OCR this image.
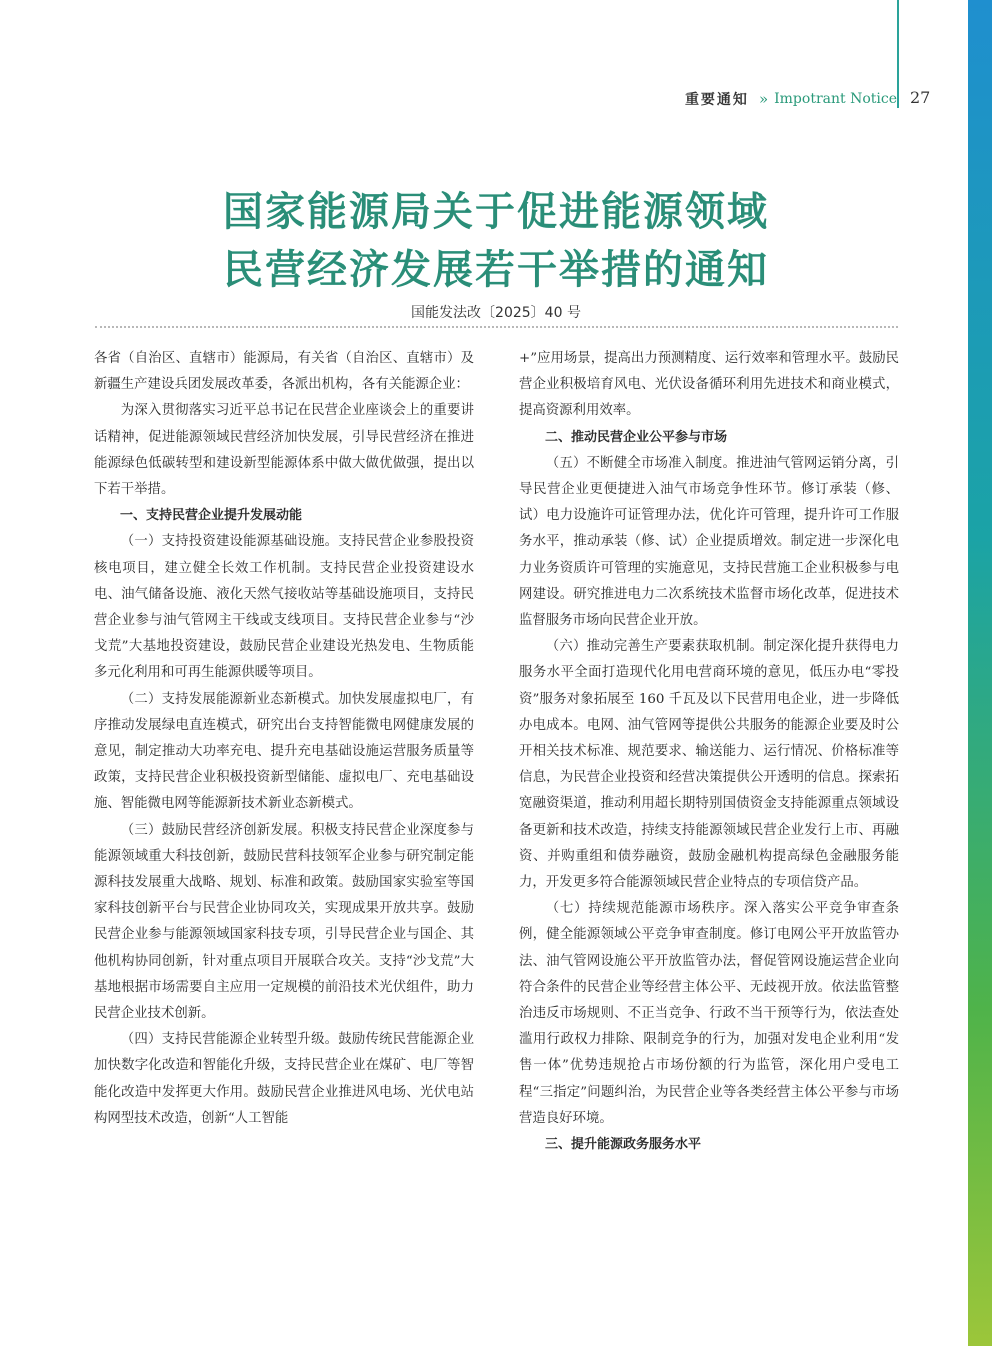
重要通知 » Impotrant Notice 27
国家能源局关于促进能源领域
民营经济发展若干举措的通知
国能发法改〔2025〕40 号

各省（自治区、直辖市）能源局，有关省（自治区、直辖市）及新疆生产建设兵团发展改革委，各派出机构，各有关能源企业：

为深入贯彻落实习近平总书记在民营企业座谈会上的重要讲话精神，促进能源领域民营经济加快发展，引导民营经济在推进能源绿色低碳转型和建设新型能源体系中做大做优做强，提出以下若干举措。

一、支持民营企业提升发展动能

（一）支持投资建设能源基础设施。支持民营企业参股投资核电项目，建立健全长效工作机制。支持民营企业投资建设水电、油气储备设施、液化天然气接收站等基础设施项目，支持民营企业参与油气管网主干线或支线项目。支持民营企业参与“沙戈荒”大基地投资建设，鼓励民营企业建设光热发电、生物质能多元化利用和可再生能源供暖等项目。

（二）支持发展能源新业态新模式。加快发展虚拟电厂，有序推动发展绿电直连模式，研究出台支持智能微电网健康发展的意见，制定推动大功率充电、提升充电基础设施运营服务质量等政策，支持民营企业积极投资新型储能、虚拟电厂、充电基础设施、智能微电网等能源新技术新业态新模式。

（三）鼓励民营经济创新发展。积极支持民营企业深度参与能源领域重大科技创新，鼓励民营科技领军企业参与研究制定能源科技发展重大战略、规划、标准和政策。鼓励国家实验室等国家科技创新平台与民营企业协同攻关，实现成果开放共享。鼓励民营企业参与能源领域国家科技专项，引导民营企业与国企、其他机构协同创新，针对重点项目开展联合攻关。支持“沙戈荒”大基地根据市场需要自主应用一定规模的前沿技术光伏组件，助力民营企业技术创新。

（四）支持民营能源企业转型升级。鼓励传统民营能源企业加快数字化改造和智能化升级，支持民营企业在煤矿、电厂等智能化改造中发挥更大作用。鼓励民营企业推进风电场、光伏电站构网型技术改造，创新“人工智能

+”应用场景，提高出力预测精度、运行效率和管理水平。鼓励民营企业积极培育风电、光伏设备循环利用先进技术和商业模式，提高资源利用效率。

二、推动民营企业公平参与市场

（五）不断健全市场准入制度。推进油气管网运销分离，引导民营企业更便捷进入油气市场竞争性环节。修订承装（修、试）电力设施许可证管理办法，优化许可管理，提升许可工作服务水平，推动承装（修、试）企业提质增效。制定进一步深化电力业务资质许可管理的实施意见，支持民营施工企业积极参与电网建设。研究推进电力二次系统技术监督市场化改革，促进技术监督服务市场向民营企业开放。

（六）推动完善生产要素获取机制。制定深化提升获得电力服务水平全面打造现代化用电营商环境的意见，低压办电“零投资”服务对象拓展至 160 千瓦及以下民营用电企业，进一步降低办电成本。电网、油气管网等提供公共服务的能源企业要及时公开相关技术标准、规范要求、输送能力、运行情况、价格标准等信息，为民营企业投资和经营决策提供公开透明的信息。探索拓宽融资渠道，推动利用超长期特别国债资金支持能源重点领域设备更新和技术改造，持续支持能源领域民营企业发行上市、再融资、并购重组和债券融资，鼓励金融机构提高绿色金融服务能力，开发更多符合能源领域民营企业特点的专项信贷产品。

（七）持续规范能源市场秩序。深入落实公平竞争审查条例，健全能源领域公平竞争审查制度。修订电网公平开放监管办法、油气管网设施公平开放监管办法，督促管网设施运营企业向符合条件的民营企业等经营主体公平、无歧视开放。依法监管整治违反市场规则、不正当竞争、行政不当干预等行为，依法查处滥用行政权力排除、限制竞争的行为，加强对发电企业利用“发售一体”优势违规抢占市场份额的行为监管，深化用户受电工程“三指定”问题纠治，为民营企业等各类经营主体公平参与市场营造良好环境。

三、提升能源政务服务水平
